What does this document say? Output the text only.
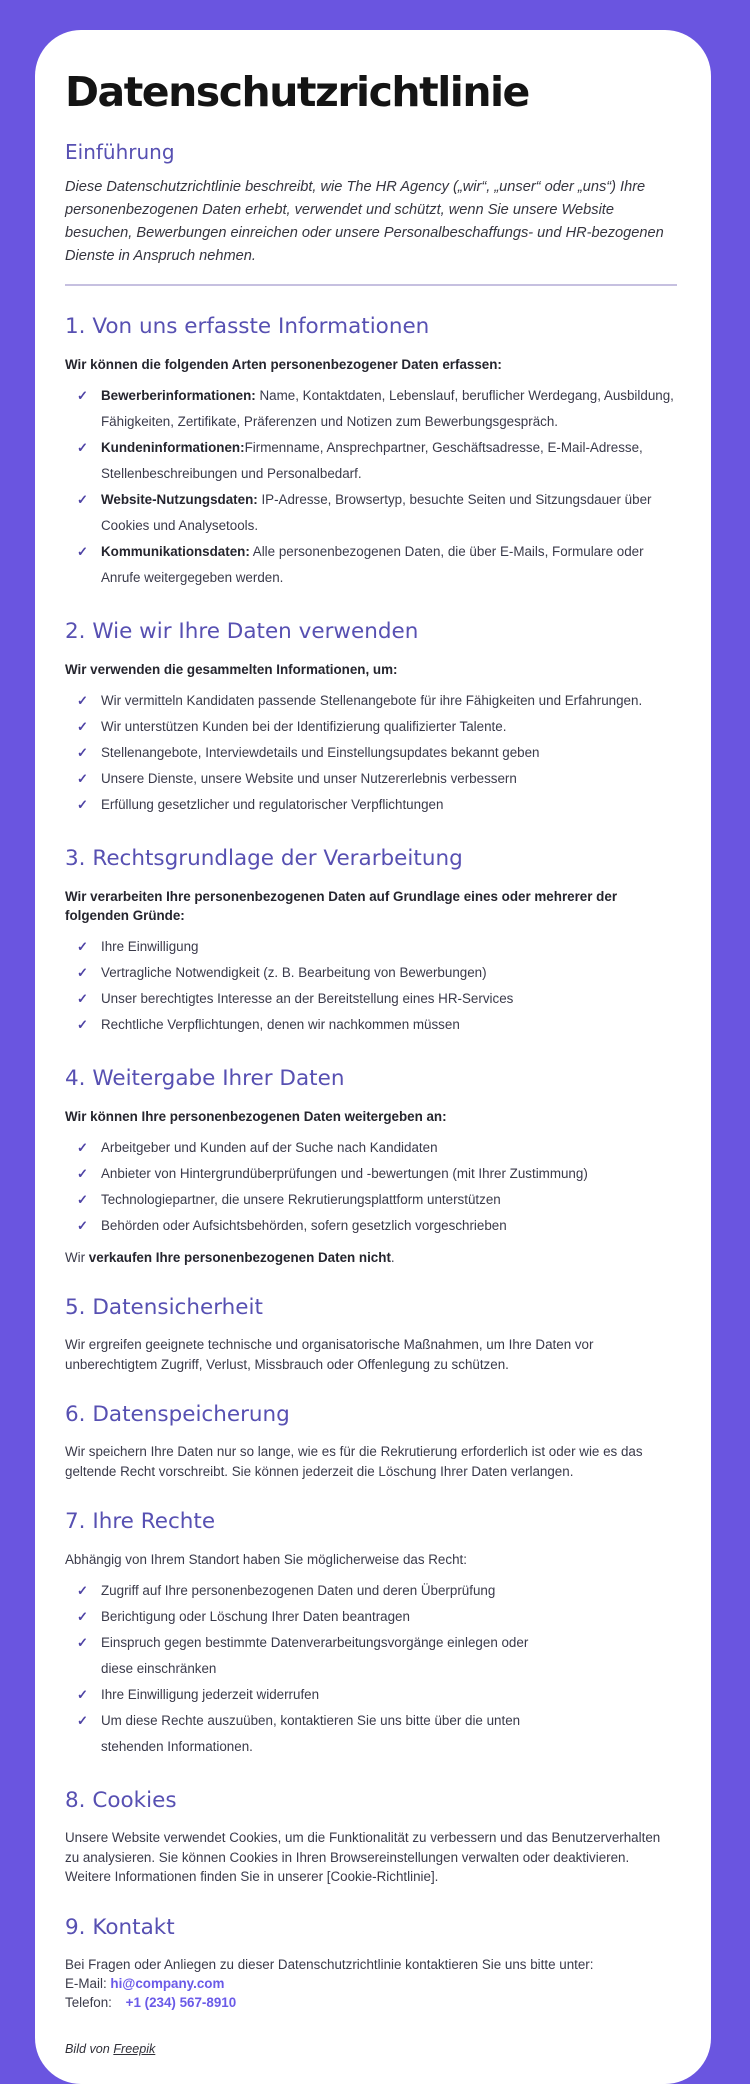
Datenschutzrichtlinie
Einführung

Diese Datenschutzrichtlinie beschreibt, wie The HR Agency („wir“, „unser“ oder „uns“) Ihre personenbezogenen Daten erhebt, verwendet und schützt, wenn Sie unsere Website besuchen, Bewerbungen einreichen oder unsere Personalbeschaffungs- und HR-bezogenen Dienste in Anspruch nehmen.

1. Von uns erfasste Informationen

Wir können die folgenden Arten personenbezogener Daten erfassen:

✓ Bewerberinformationen: Name, Kontaktdaten, Lebenslauf, beruflicher Werdegang, Ausbildung, Fähigkeiten, Zertifikate, Präferenzen und Notizen zum Bewerbungsgespräch.
✓ Kundeninformationen:Firmenname, Ansprechpartner, Geschäftsadresse, E-Mail-Adresse, Stellenbeschreibungen und Personalbedarf.
✓ Website-Nutzungsdaten: IP-Adresse, Browsertyp, besuchte Seiten und Sitzungsdauer über Cookies und Analysetools.
✓ Kommunikationsdaten: Alle personenbezogenen Daten, die über E-Mails, Formulare oder Anrufe weitergegeben werden.
2. Wie wir Ihre Daten verwenden

Wir verwenden die gesammelten Informationen, um:

✓ Wir vermitteln Kandidaten passende Stellenangebote für ihre Fähigkeiten und Erfahrungen.
✓ Wir unterstützen Kunden bei der Identifizierung qualifizierter Talente.
✓ Stellenangebote, Interviewdetails und Einstellungsupdates bekannt geben
✓ Unsere Dienste, unsere Website und unser Nutzererlebnis verbessern
✓ Erfüllung gesetzlicher und regulatorischer Verpflichtungen
3. Rechtsgrundlage der Verarbeitung

Wir verarbeiten Ihre personenbezogenen Daten auf Grundlage eines oder mehrerer der folgenden Gründe:

✓ Ihre Einwilligung
✓ Vertragliche Notwendigkeit (z. B. Bearbeitung von Bewerbungen)
✓ Unser berechtigtes Interesse an der Bereitstellung eines HR-Services
✓ Rechtliche Verpflichtungen, denen wir nachkommen müssen
4. Weitergabe Ihrer Daten

Wir können Ihre personenbezogenen Daten weitergeben an:

✓ Arbeitgeber und Kunden auf der Suche nach Kandidaten
✓ Anbieter von Hintergrundüberprüfungen und -bewertungen (mit Ihrer Zustimmung)
✓ Technologiepartner, die unsere Rekrutierungsplattform unterstützen
✓ Behörden oder Aufsichtsbehörden, sofern gesetzlich vorgeschrieben

Wir verkaufen Ihre personenbezogenen Daten nicht.

5. Datensicherheit

Wir ergreifen geeignete technische und organisatorische Maßnahmen, um Ihre Daten vor unberechtigtem Zugriff, Verlust, Missbrauch oder Offenlegung zu schützen.

6. Datenspeicherung

Wir speichern Ihre Daten nur so lange, wie es für die Rekrutierung erforderlich ist oder wie es das geltende Recht vorschreibt. Sie können jederzeit die Löschung Ihrer Daten verlangen.

7. Ihre Rechte

Abhängig von Ihrem Standort haben Sie möglicherweise das Recht:

✓ Zugriff auf Ihre personenbezogenen Daten und deren Überprüfung
✓ Berichtigung oder Löschung Ihrer Daten beantragen
✓ Einspruch gegen bestimmte Datenverarbeitungsvorgänge einlegen oder diese einschränken
✓ Ihre Einwilligung jederzeit widerrufen
✓ Um diese Rechte auszuüben, kontaktieren Sie uns bitte über die unten stehenden Informationen.
8. Cookies

Unsere Website verwendet Cookies, um die Funktionalität zu verbessern und das Benutzerverhalten zu analysieren. Sie können Cookies in Ihren Browsereinstellungen verwalten oder deaktivieren. Weitere Informationen finden Sie in unserer [Cookie-Richtlinie].

9. Kontakt

Bei Fragen oder Anliegen zu dieser Datenschutzrichtlinie kontaktieren Sie uns bitte unter:

E-Mail: hi@company.com

Telefon: +1 (234) 567-8910

Bild von Freepik
